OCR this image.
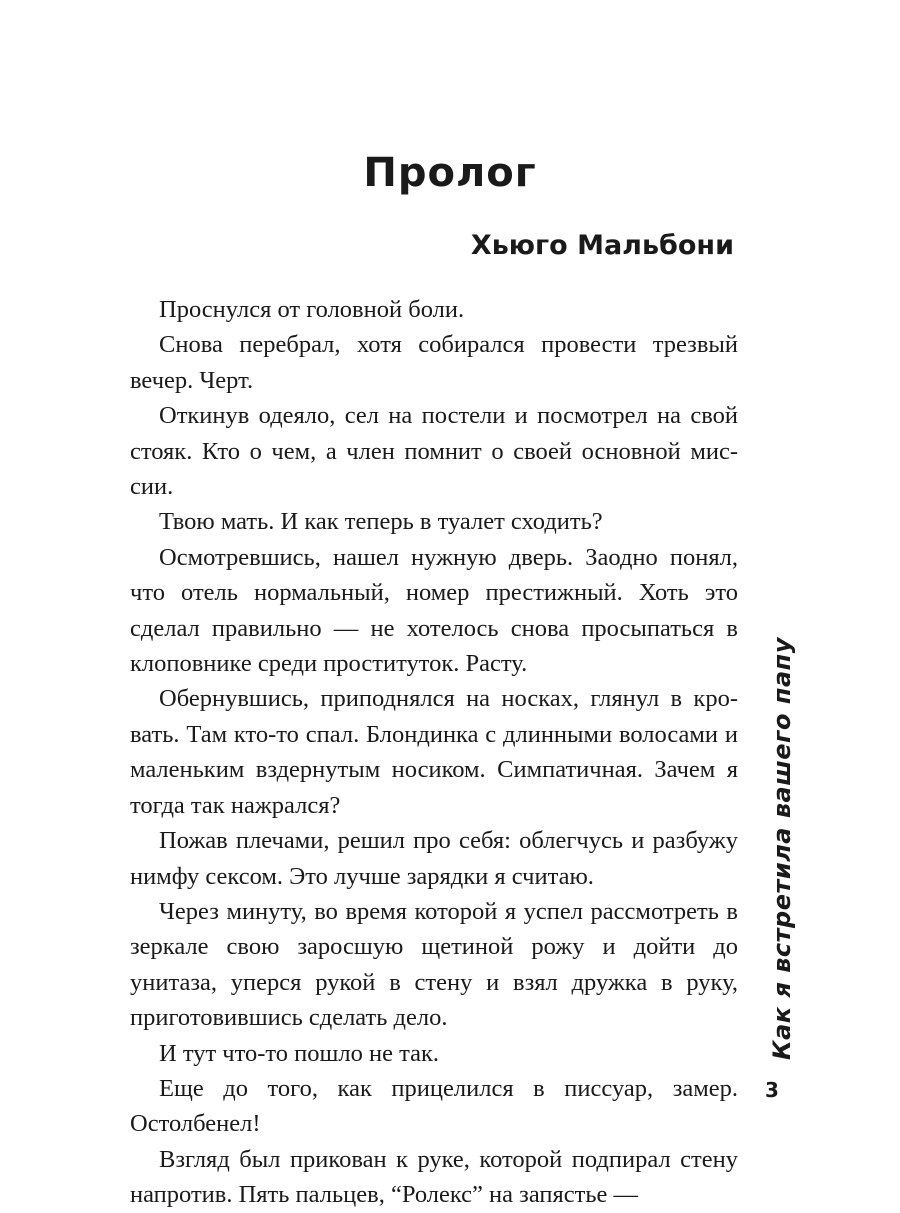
Пролог
Хьюго Мальбони

Проснулся от головной боли.

Снова перебрал, хотя собирался провести трезвый вечер. Черт.

Откинув одеяло, сел на постели и посмотрел на свой стояк. Кто о чем, а член помнит о своей основной миссии.

Твою мать. И как теперь в туалет сходить?

Осмотревшись, нашел нужную дверь. Заодно понял, что отель нормальный, номер престижный. Хоть это сделал правильно — не хотелось снова просыпаться в клоповнике среди проституток. Расту.

Обернувшись, приподнялся на носках, глянул в кровать. Там кто-то спал. Блондинка с длинными волосами и маленьким вздернутым носиком. Симпатичная. Зачем я тогда так нажрался?

Пожав плечами, решил про себя: облегчусь и разбужу нимфу сексом. Это лучше зарядки я считаю.

Через минуту, во время которой я успел рассмотреть в зеркале свою заросшую щетиной рожу и дойти до унитаза, уперся рукой в стену и взял дружка в руку, приготовившись сделать дело.

И тут что-то пошло не так.

Еще до того, как прицелился в писсуар, замер. Остолбенел!

Взгляд был прикован к руке, которой подпирал стену напротив. Пять пальцев, “Ролекс” на запястье —

Как я встретила вашего папу
3
